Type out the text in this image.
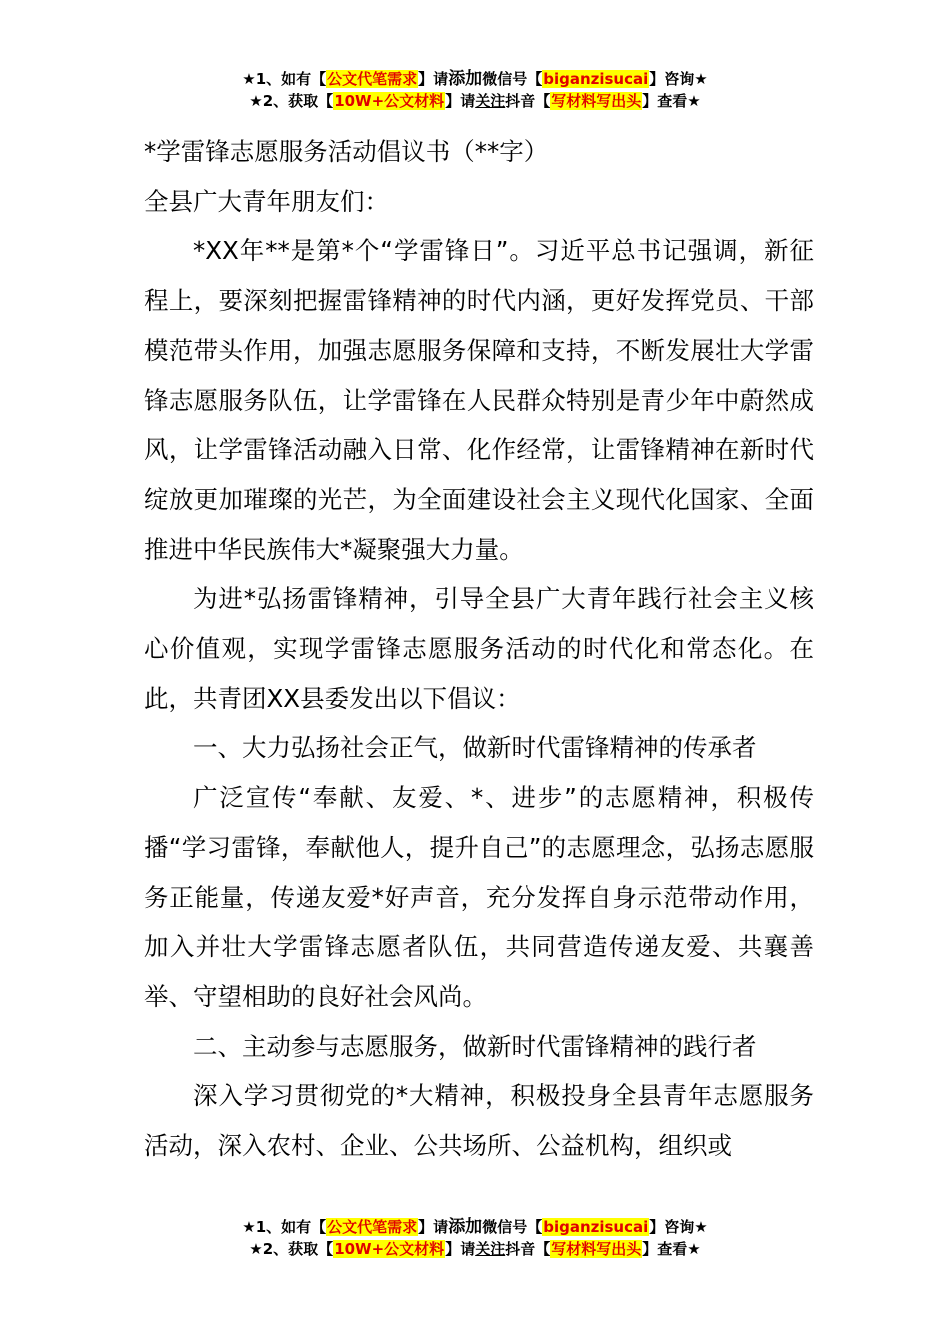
★1、如有【公文代笔需求】请添加微信号【biganzisucai】咨询★
★2、获取【10W+公文材料】请关注抖音【写材料写出头】查看★

*学雷锋志愿服务活动倡议书（**字）

全县广大青年朋友们：

*XX年**是第*个“学雷锋日”。习近平总书记强调，新征程上，要深刻把握雷锋精神的时代内涵，更好发挥党员、干部模范带头作用，加强志愿服务保障和支持，不断发展壮大学雷锋志愿服务队伍，让学雷锋在人民群众特别是青少年中蔚然成风，让学雷锋活动融入日常、化作经常，让雷锋精神在新时代绽放更加璀璨的光芒，为全面建设社会主义现代化国家、全面推进中华民族伟大*凝聚强大力量。

为进*弘扬雷锋精神，引导全县广大青年践行社会主义核心价值观，实现学雷锋志愿服务活动的时代化和常态化。在此，共青团XX县委发出以下倡议：

一、大力弘扬社会正气，做新时代雷锋精神的传承者

广泛宣传“奉献、友爱、*、进步”的志愿精神，积极传播“学习雷锋，奉献他人，提升自己”的志愿理念，弘扬志愿服务正能量，传递友爱*好声音，充分发挥自身示范带动作用，加入并壮大学雷锋志愿者队伍，共同营造传递友爱、共襄善举、守望相助的良好社会风尚。

二、主动参与志愿服务，做新时代雷锋精神的践行者

深入学习贯彻党的*大精神，积极投身全县青年志愿服务活动，深入农村、企业、公共场所、公益机构，组织或

★1、如有【公文代笔需求】请添加微信号【biganzisucai】咨询★
★2、获取【10W+公文材料】请关注抖音【写材料写出头】查看★
